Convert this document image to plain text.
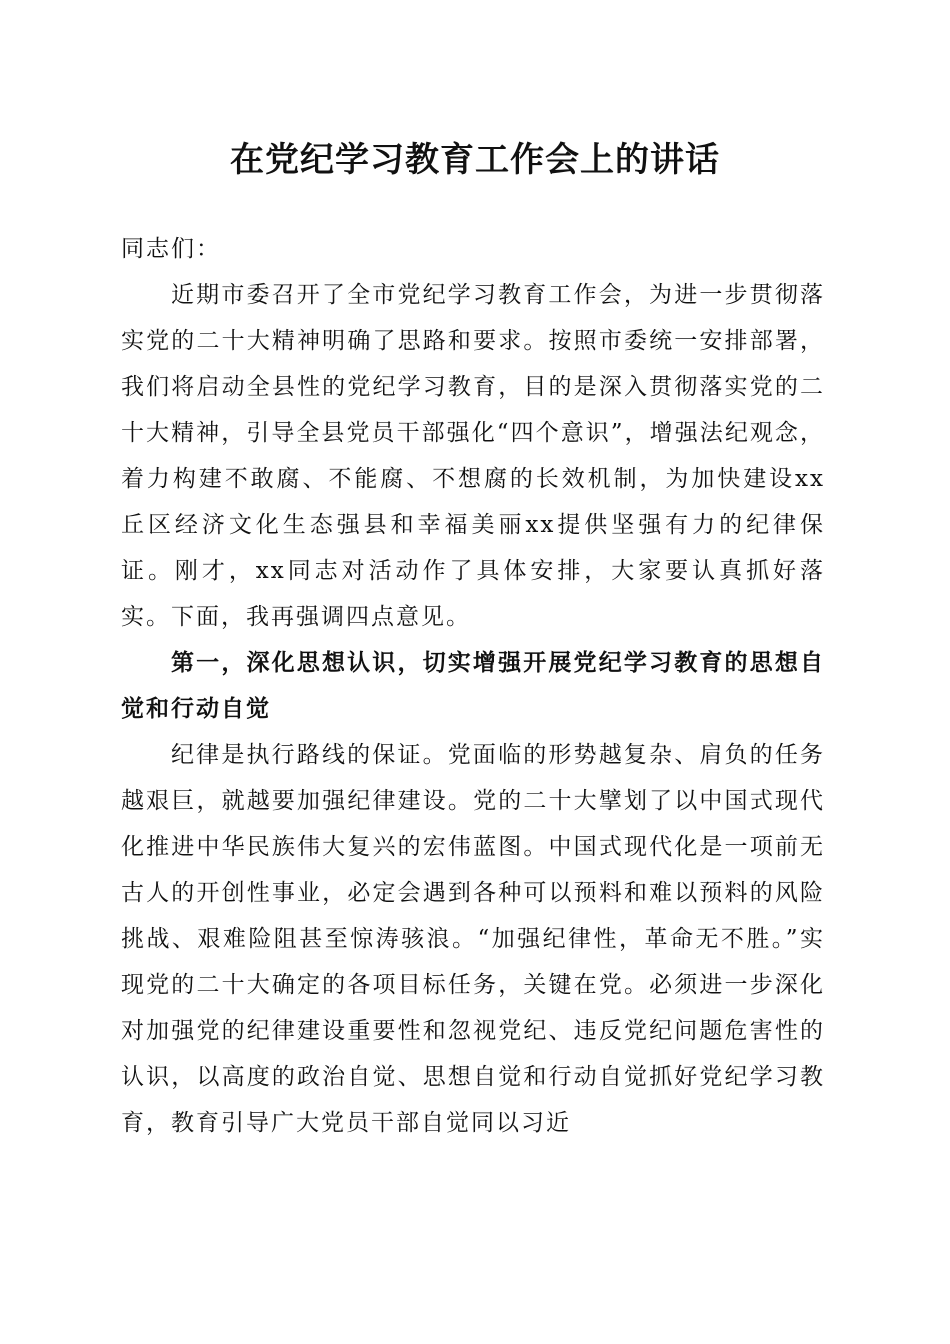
在党纪学习教育工作会上的讲话

同志们：

近期市委召开了全市党纪学习教育工作会，为进一步贯彻落实党的二十大精神明确了思路和要求。按照市委统一安排部署，我们将启动全县性的党纪学习教育，目的是深入贯彻落实党的二十大精神，引导全县党员干部强化“四个意识”，增强法纪观念，着力构建不敢腐、不能腐、不想腐的长效机制，为加快建设xx丘区经济文化生态强县和幸福美丽xx提供坚强有力的纪律保证。刚才，xx同志对活动作了具体安排，大家要认真抓好落实。下面，我再强调四点意见。

第一，深化思想认识，切实增强开展党纪学习教育的思想自觉和行动自觉

纪律是执行路线的保证。党面临的形势越复杂、肩负的任务越艰巨，就越要加强纪律建设。党的二十大擘划了以中国式现代化推进中华民族伟大复兴的宏伟蓝图。中国式现代化是一项前无古人的开创性事业，必定会遇到各种可以预料和难以预料的风险挑战、艰难险阻甚至惊涛骇浪。“加强纪律性，革命无不胜。”实现党的二十大确定的各项目标任务，关键在党。必须进一步深化对加强党的纪律建设重要性和忽视党纪、违反党纪问题危害性的认识，以高度的政治自觉、思想自觉和行动自觉抓好党纪学习教育，教育引导广大党员干部自觉同以习近
